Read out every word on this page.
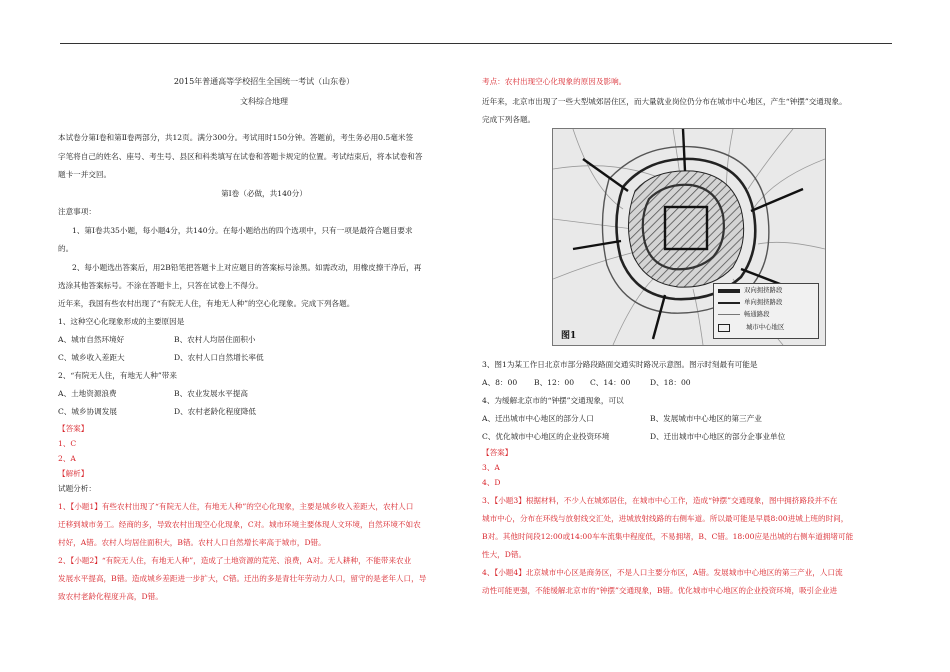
2015年普通高等学校招生全国统一考试（山东卷）
文科综合地理
本试卷分第Ⅰ卷和第Ⅱ卷两部分，共12页。满分300分。考试用时150分钟。答题前，考生务必用0.5毫米签
字笔将自己的姓名、座号、考生号、县区和科类填写在试卷和答题卡规定的位置。考试结束后，将本试卷和答
题卡一并交回。
第Ⅰ卷（必做，共140分）
注意事项：
1、第Ⅰ卷共35小题，每小题4分，共140分。在每小题给出的四个选项中，只有一项是最符合题目要求
的。
2、每小题选出答案后，用2B铅笔把答题卡上对应题目的答案标号涂黑。如需改动，用橡皮擦干净后，再
选涂其他答案标号。不涂在答题卡上，只答在试卷上不得分。
近年来，我国有些农村出现了“有院无人住，有地无人种”的空心化现象。完成下列各题。
1、这种空心化现象形成的主要原因是
A、城市自然环境好	B、农村人均居住面积小
C、城乡收入差距大	D、农村人口自然增长率低
2、“有院无人住，有地无人种”带来
A、土地资源浪费	B、农业发展水平提高
C、城乡协调发展	D、农村老龄化程度降低
【答案】
1、C
2、A
【解析】
试题分析：
1、【小题1】有些农村出现了“有院无人住，有地无人种”的空心化现象，主要是城乡收入差距大，农村人口
迁移到城市务工。经商的多，导致农村出现空心化现象，C对。城市环境主要体现人文环境，自然环境不如农
村好，A错。农村人均居住面积大，B错。农村人口自然增长率高于城市，D错。
2、【小题2】“有院无人住，有地无人种”，造成了土地资源的荒芜、浪费，A对。无人耕种，不能带来农业
发展水平提高，B错。造成城乡差距进一步扩大，C错。迁出的多是青壮年劳动力人口，留守的是老年人口，导
致农村老龄化程度升高，D错。
考点：农村出现空心化现象的原因及影响。
近年来，北京市出现了一些大型城郊居住区，而大量就业岗位仍分布在城市中心地区，产生“钟摆”交通现象。
完成下列各题。
3、图1为某工作日北京市部分路段路面交通实时路况示意图。图示时刻最有可能是
A、8：00 B、12：00 C、14：00	D、18：00
4、为缓解北京市的“钟摆”交通现象，可以
A、迁出城市中心地区的部分人口	B、发展城市中心地区的第三产业
C、优化城市中心地区的企业投资环境	D、迁出城市中心地区的部分企事业单位
【答案】
3、A
4、D
3、【小题3】根据材料，不少人在城郊居住，在城市中心工作，造成“钟摆”交通现象，图中拥挤路段并不在
城市中心，分布在环线与放射线交汇处，进城放射线路的右侧车道。所以最可能是早晨8:00进城上班的时间，
B对。其他时间段12:00或14:00车车流集中程度低，不易拥堵，B、C错。18:00应是出城的右侧车道拥堵可能
性大，D错。
4、【小题4】北京城市中心区是商务区，不是人口主要分布区，A错。发展城市中心地区的第三产业，人口流
动性可能更强，不能缓解北京市的“钟摆”交通现象，B错。优化城市中心地区的企业投资环境，吸引企业进
图1
双向拥挤路段
单向拥挤路段
畅通路段
城市中心地区
